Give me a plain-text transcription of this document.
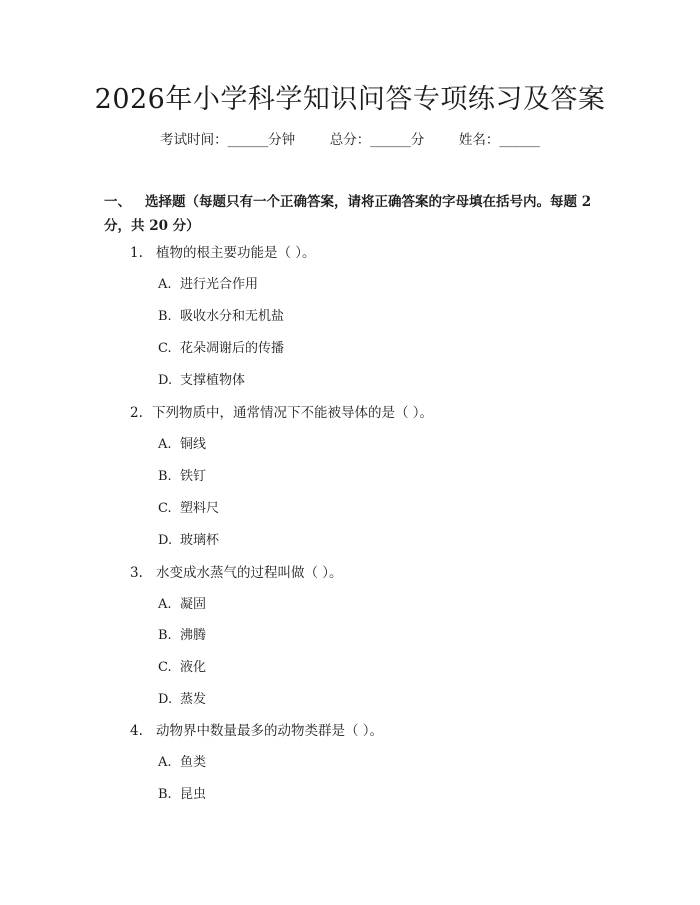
2026年小学科学知识问答专项练习及答案
考试时间：______分钟	总分：______分	姓名：______
一、 选择题（每题只有一个正确答案，请将正确答案的字母填在括号内。每题 2 分，共 20 分）
1. 植物的根主要功能是（ ）。
A. 进行光合作用
B. 吸收水分和无机盐
C. 花朵凋谢后的传播
D. 支撑植物体
2. 下列物质中，通常情况下不能被导体的是（ ）。
A. 铜线
B. 铁钉
C. 塑料尺
D. 玻璃杯
3. 水变成水蒸气的过程叫做（ ）。
A. 凝固
B. 沸腾
C. 液化
D. 蒸发
4. 动物界中数量最多的动物类群是（ ）。
A. 鱼类
B. 昆虫
